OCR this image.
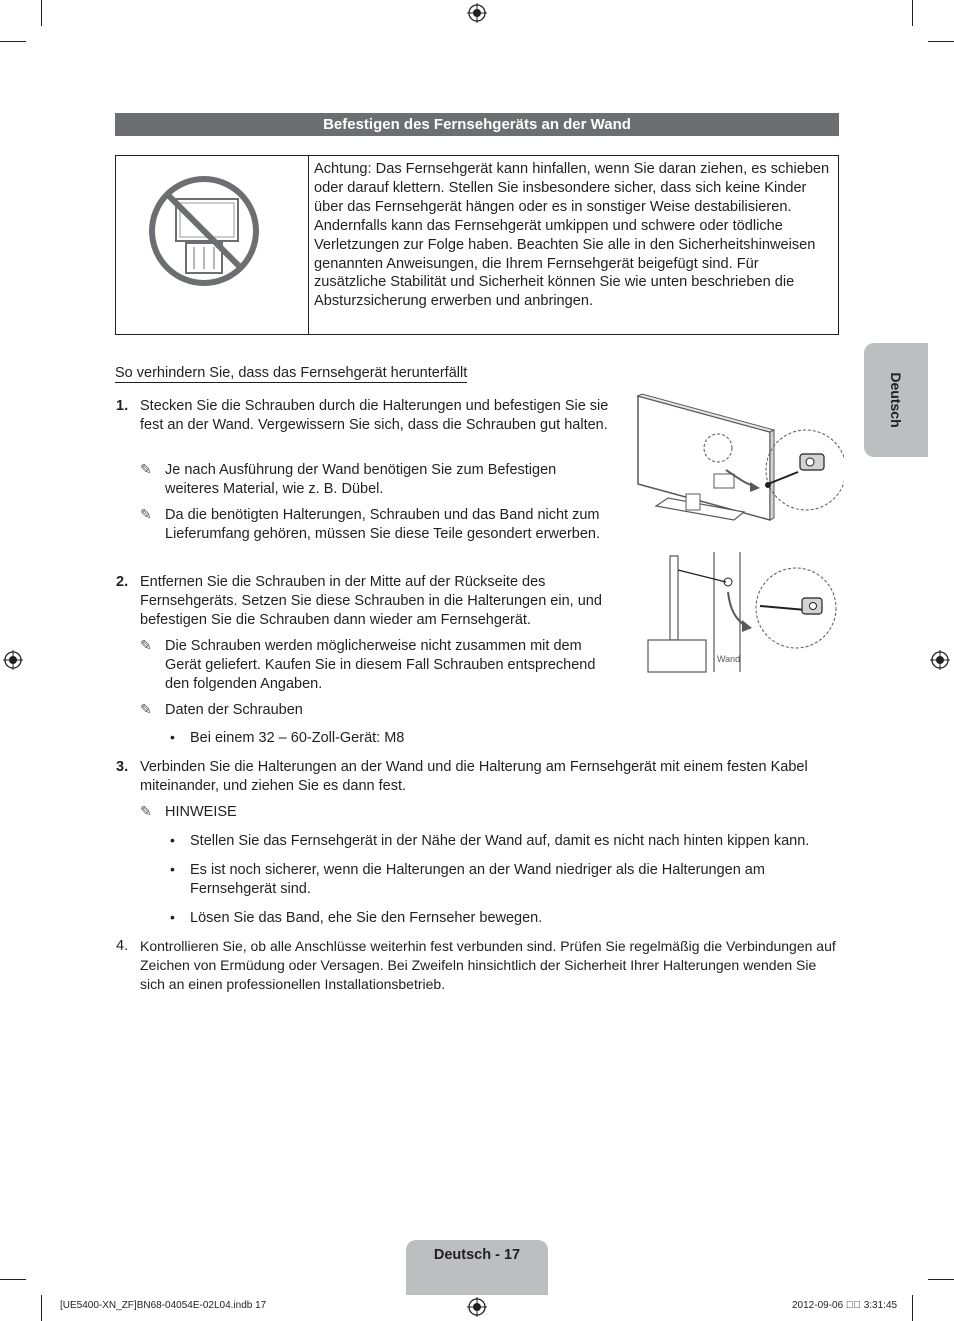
Befestigen des Fernsehgeräts an der Wand
Achtung: Das Fernsehgerät kann hinfallen, wenn Sie daran ziehen, es schieben oder darauf klettern. Stellen Sie insbesondere sicher, dass sich keine Kinder über das Fernsehgerät hängen oder es in sonstiger Weise destabilisieren. Andernfalls kann das Fernsehgerät umkippen und schwere oder tödliche Verletzungen zur Folge haben. Beachten Sie alle in den Sicherheitshinweisen genannten Anweisungen, die Ihrem Fernsehgerät beigefügt sind. Für zusätzliche Stabilität und Sicherheit können Sie wie unten beschrieben die Absturzsicherung erwerben und anbringen.
So verhindern Sie, dass das Fernsehgerät herunterfällt
1. Stecken Sie die Schrauben durch die Halterungen und befestigen Sie sie fest an der Wand. Vergewissern Sie sich, dass die Schrauben gut halten.
✎ Je nach Ausführung der Wand benötigen Sie zum Befestigen weiteres Material, wie z. B. Dübel.
✎ Da die benötigten Halterungen, Schrauben und das Band nicht zum Lieferumfang gehören, müssen Sie diese Teile gesondert erwerben.
2. Entfernen Sie die Schrauben in der Mitte auf der Rückseite des Fernsehgeräts. Setzen Sie diese Schrauben in die Halterungen ein, und befestigen Sie die Schrauben dann wieder am Fernsehgerät.
✎ Die Schrauben werden möglicherweise nicht zusammen mit dem Gerät geliefert. Kaufen Sie in diesem Fall Schrauben entsprechend den folgenden Angaben.
✎ Daten der Schrauben
• Bei einem 32 – 60-Zoll-Gerät: M8
3. Verbinden Sie die Halterungen an der Wand und die Halterung am Fernsehgerät mit einem festen Kabel miteinander, und ziehen Sie es dann fest.
✎ HINWEISE
• Stellen Sie das Fernsehgerät in der Nähe der Wand auf, damit es nicht nach hinten kippen kann.
• Es ist noch sicherer, wenn die Halterungen an der Wand niedriger als die Halterungen am Fernsehgerät sind.
• Lösen Sie das Band, ehe Sie den Fernseher bewegen.
4. Kontrollieren Sie, ob alle Anschlüsse weiterhin fest verbunden sind. Prüfen Sie regelmäßig die Verbindungen auf Zeichen von Ermüdung oder Versagen. Bei Zweifeln hinsichtlich der Sicherheit Ihrer Halterungen wenden Sie sich an einen professionellen Installationsbetrieb.
Wand
Deutsch
Deutsch - 17
[UE5400-XN_ZF]BN68-04054E-02L04.indb 17	2012-09-06 󰠁󰠁 3:31:45
